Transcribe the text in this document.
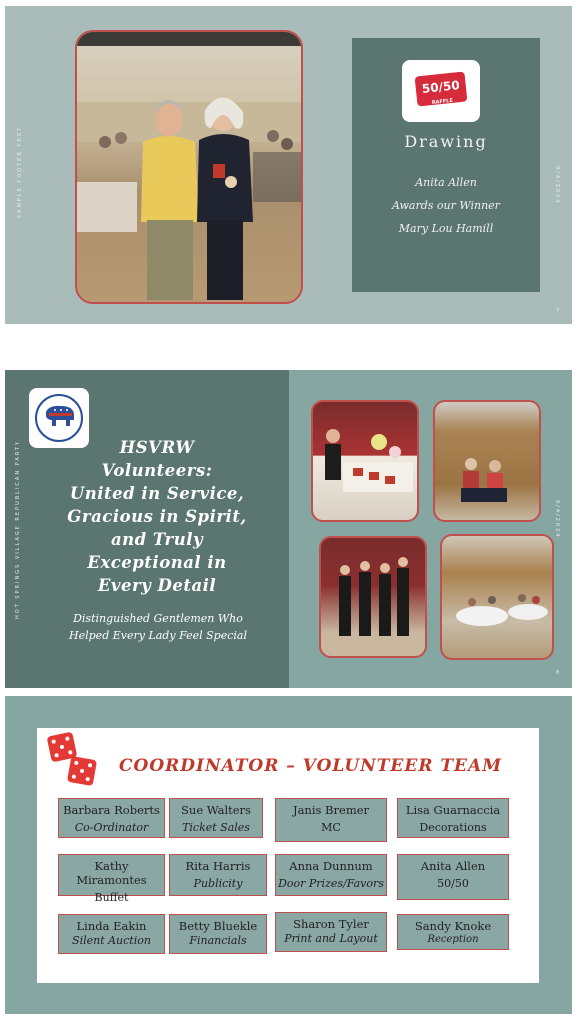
SAMPLE FOOTER TEXT
50/50
RAFFLE
Drawing
Anita Allen
Awards our Winner
Mary Lou Hamill
9/4/2024
7
HOT SPRINGS VILLAGE REPUBLICAN PARTY	HSVRW
Volunteers:
United in Service,
Gracious in Spirit,
and Truly
Exceptional in
Every Detail
Distinguished Gentlemen Who
Helped Every Lady Feel Special
9/4/2024
8
COORDINATOR – VOLUNTEER TEAM
Barbara Roberts
Co-Ordinator
Sue Walters
Ticket Sales
Janis Bremer
MC
Lisa Guarnaccia
Decorations
Kathy Miramontes
Buffet
Rita Harris
Publicity
Anna Dunnum
Door Prizes/Favors
Anita Allen
50/50
Linda Eakin
Silent Auction
Betty Bluekle
Financials
Sharon Tyler
Print and Layout
Sandy Knoke
Reception
